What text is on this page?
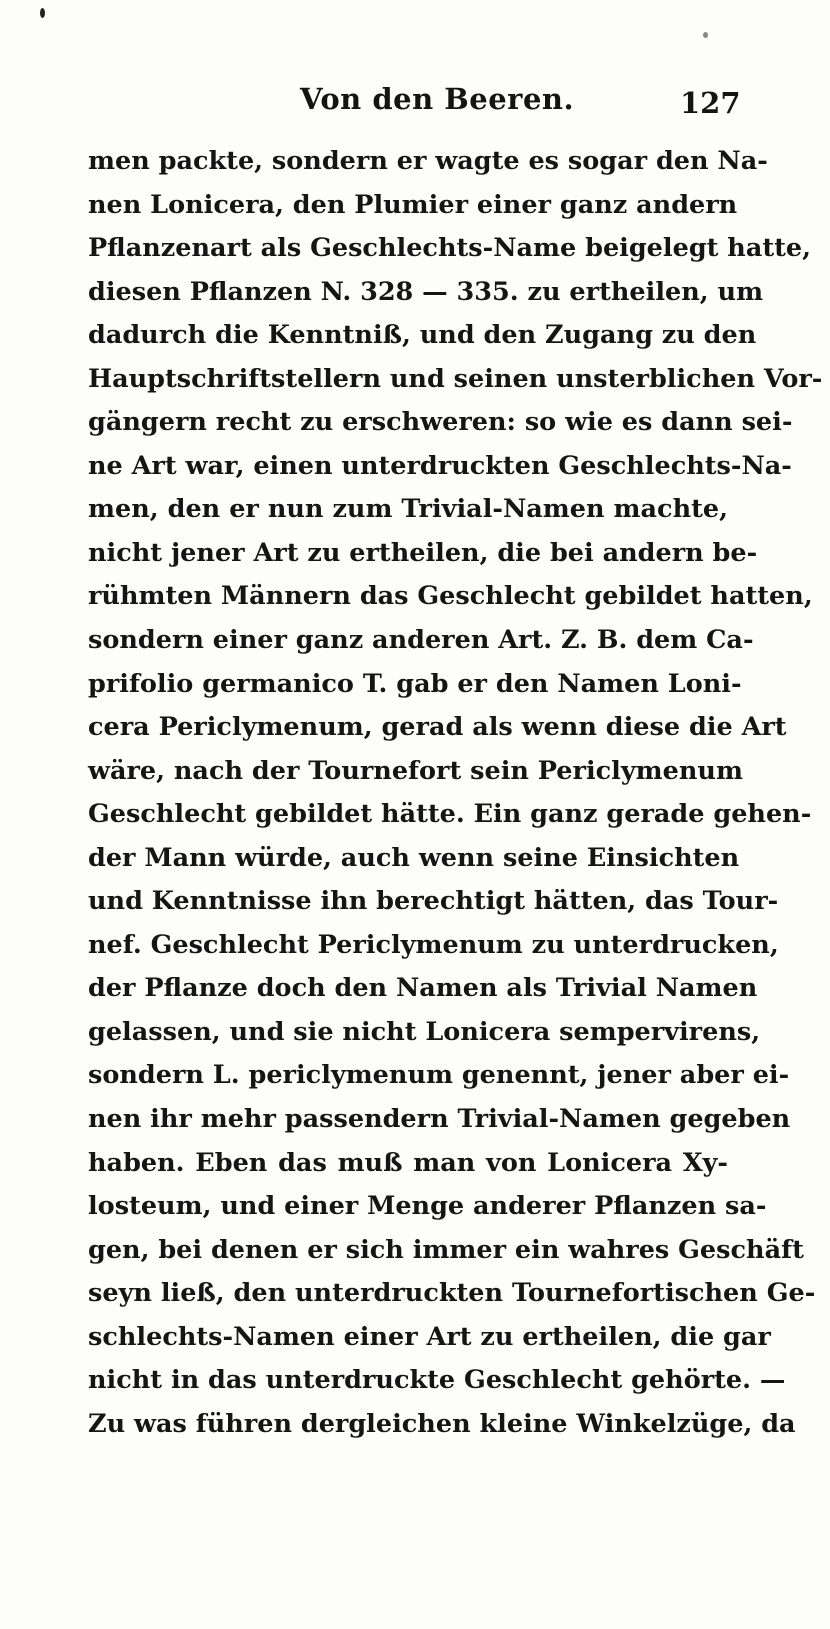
Von den Beeren.	127
men packte, sondern er wagte es sogar den Na-
nen Lonicera, den Plumier einer ganz andern
Pflanzenart als Geschlechts-Name beigelegt hatte,
diesen Pflanzen N. 328 — 335. zu ertheilen, um
dadurch die Kenntniß, und den Zugang zu den
Hauptschriftstellern und seinen unsterblichen Vor-
gängern recht zu erschweren: so wie es dann sei-
ne Art war, einen unterdruckten Geschlechts-Na-
men, den er nun zum Trivial-Namen machte,
nicht jener Art zu ertheilen, die bei andern be-
rühmten Männern das Geschlecht gebildet hatten,
sondern einer ganz anderen Art. Z. B. dem Ca-
prifolio germanico T. gab er den Namen Loni-
cera Periclymenum, gerad als wenn diese die Art
wäre, nach der Tournefort sein Periclymenum
Geschlecht gebildet hätte. Ein ganz gerade gehen-
der Mann würde, auch wenn seine Einsichten
und Kenntnisse ihn berechtigt hätten, das Tour-
nef. Geschlecht Periclymenum zu unterdrucken,
der Pflanze doch den Namen als Trivial Namen
gelassen, und sie nicht Lonicera sempervirens,
sondern L. periclymenum genennt, jener aber ei-
nen ihr mehr passendern Trivial-Namen gegeben
haben. Eben das muß man von Lonicera Xy-
losteum, und einer Menge anderer Pflanzen sa-
gen, bei denen er sich immer ein wahres Geschäft
seyn ließ, den unterdruckten Tournefortischen Ge-
schlechts-Namen einer Art zu ertheilen, die gar
nicht in das unterdruckte Geschlecht gehörte. —
Zu was führen dergleichen kleine Winkelzüge, da
